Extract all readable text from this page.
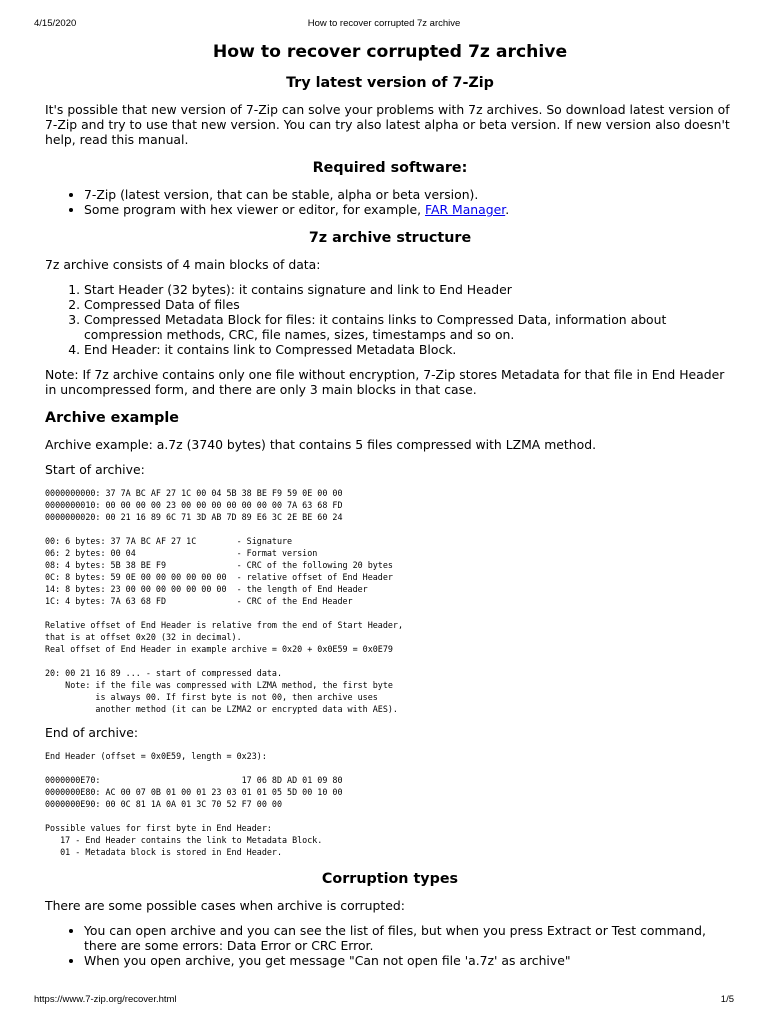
4/15/2020	How to recover corrupted 7z archive
How to recover corrupted 7z archive
Try latest version of 7-Zip

It's possible that new version of 7-Zip can solve your problems with 7z archives. So download latest version of 7-Zip and try to use that new version. You can try also latest alpha or beta version. If new version also doesn't help, read this manual.

Required software:
• 7-Zip (latest version, that can be stable, alpha or beta version).
• Some program with hex viewer or editor, for example, FAR Manager.
7z archive structure

7z archive consists of 4 main blocks of data:

1. Start Header (32 bytes): it contains signature and link to End Header
2. Compressed Data of files
3. Compressed Metadata Block for files: it contains links to Compressed Data, information about compression methods, CRC, file names, sizes, timestamps and so on.
4. End Header: it contains link to Compressed Metadata Block.

Note: If 7z archive contains only one file without encryption, 7-Zip stores Metadata for that file in End Header in uncompressed form, and there are only 3 main blocks in that case.

Archive example

Archive example: a.7z (3740 bytes) that contains 5 files compressed with LZMA method.

Start of archive:

0000000000: 37 7A BC AF 27 1C 00 04 5B 38 BE F9 59 0E 00 00
0000000010: 00 00 00 00 23 00 00 00 00 00 00 00 7A 63 68 FD
0000000020: 00 21 16 89 6C 71 3D AB 7D 89 E6 3C 2E BE 60 24

00: 6 bytes: 37 7A BC AF 27 1C        - Signature
06: 2 bytes: 00 04                    - Format version
08: 4 bytes: 5B 38 BE F9              - CRC of the following 20 bytes
0C: 8 bytes: 59 0E 00 00 00 00 00 00  - relative offset of End Header
14: 8 bytes: 23 00 00 00 00 00 00 00  - the length of End Header
1C: 4 bytes: 7A 63 68 FD              - CRC of the End Header

Relative offset of End Header is relative from the end of Start Header,
that is at offset 0x20 (32 in decimal).
Real offset of End Header in example archive = 0x20 + 0x0E59 = 0x0E79

20: 00 21 16 89 ... - start of compressed data.
Note: if the file was compressed with LZMA method, the first byte
is always 00. If first byte is not 00, then archive uses
another method (it can be LZMA2 or encrypted data with AES).

End of archive:

End Header (offset = 0x0E59, length = 0x23):

0000000E70:                            17 06 8D AD 01 09 80
0000000E80: AC 00 07 0B 01 00 01 23 03 01 01 05 5D 00 10 00
0000000E90: 00 0C 81 1A 0A 01 3C 70 52 F7 00 00

Possible values for first byte in End Header:
17 - End Header contains the link to Metadata Block.
01 - Metadata block is stored in End Header.
Corruption types

There are some possible cases when archive is corrupted:

• You can open archive and you can see the list of files, but when you press Extract or Test command, there are some errors: Data Error or CRC Error.
• When you open archive, you get message "Can not open file 'a.7z' as archive"
https://www.7-zip.org/recover.html	1/5
